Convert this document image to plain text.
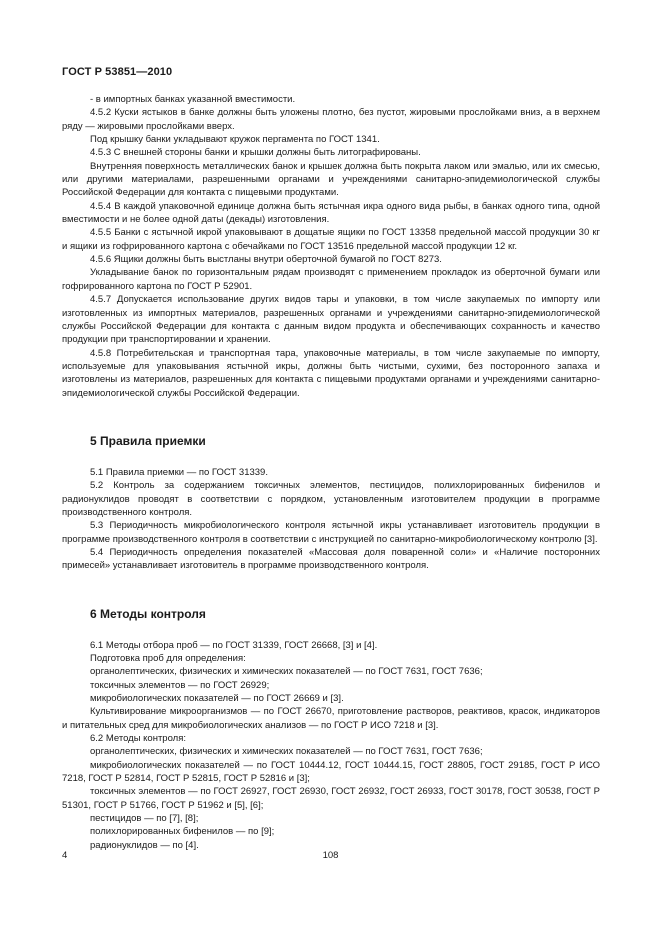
ГОСТ Р 53851—2010

- в импортных банках указанной вместимости.

4.5.2 Куски ястыков в банке должны быть уложены плотно, без пустот, жировыми прослойками вниз, а в верхнем ряду — жировыми прослойками вверх.

Под крышку банки укладывают кружок пергамента по ГОСТ 1341.

4.5.3 С внешней стороны банки и крышки должны быть литографированы.

Внутренняя поверхность металлических банок и крышек должна быть покрыта лаком или эмалью, или их смесью, или другими материалами, разрешенными органами и учреждениями санитарно-эпидемиологической службы Российской Федерации для контакта с пищевыми продуктами.

4.5.4 В каждой упаковочной единице должна быть ястычная икра одного вида рыбы, в банках одного типа, одной вместимости и не более одной даты (декады) изготовления.

4.5.5 Банки с ястычной икрой упаковывают в дощатые ящики по ГОСТ 13358 предельной массой продукции 30 кг и ящики из гофрированного картона с обечайками по ГОСТ 13516 предельной массой продукции 12 кг.

4.5.6 Ящики должны быть выстланы внутри оберточной бумагой по ГОСТ 8273.

Укладывание банок по горизонтальным рядам производят с применением прокладок из оберточной бумаги или гофрированного картона по ГОСТ Р 52901.

4.5.7 Допускается использование других видов тары и упаковки, в том числе закупаемых по импорту или изготовленных из импортных материалов, разрешенных органами и учреждениями санитарно-эпидемиологической службы Российской Федерации для контакта с данным видом продукта и обеспечивающих сохранность и качество продукции при транспортировании и хранении.

4.5.8 Потребительская и транспортная тара, упаковочные материалы, в том числе закупаемые по импорту, используемые для упаковывания ястычной икры, должны быть чистыми, сухими, без посторонного запаха и изготовлены из материалов, разрешенных для контакта с пищевыми продуктами органами и учреждениями санитарно-эпидемиологической службы Российской Федерации.

5 Правила приемки

5.1 Правила приемки — по ГОСТ 31339.

5.2 Контроль за содержанием токсичных элементов, пестицидов, полихлорированных бифенилов и радионуклидов проводят в соответствии с порядком, установленным изготовителем продукции в программе производственного контроля.

5.3 Периодичность микробиологического контроля ястычной икры устанавливает изготовитель продукции в программе производственного контроля в соответствии с инструкцией по санитарно-микробиологическому контролю [3].

5.4 Периодичность определения показателей «Массовая доля поваренной соли» и «Наличие посторонних примесей» устанавливает изготовитель в программе производственного контроля.

6 Методы контроля

6.1 Методы отбора проб — по ГОСТ 31339, ГОСТ 26668, [3] и [4].

Подготовка проб для определения:

органолептических, физических и химических показателей — по ГОСТ 7631, ГОСТ 7636;

токсичных элементов — по ГОСТ 26929;

микробиологических показателей — по ГОСТ 26669 и [3].

Культивирование микроорганизмов — по ГОСТ 26670, приготовление растворов, реактивов, красок, индикаторов и питательных сред для микробиологических анализов — по ГОСТ Р ИСО 7218 и [3].

6.2 Методы контроля:

органолептических, физических и химических показателей — по ГОСТ 7631, ГОСТ 7636;

микробиологических показателей — по ГОСТ 10444.12, ГОСТ 10444.15, ГОСТ 28805, ГОСТ 29185, ГОСТ Р ИСО 7218, ГОСТ Р 52814, ГОСТ Р 52815, ГОСТ Р 52816 и [3];

токсичных элементов — по ГОСТ 26927, ГОСТ 26930, ГОСТ 26932, ГОСТ 26933, ГОСТ 30178, ГОСТ 30538, ГОСТ Р 51301, ГОСТ Р 51766, ГОСТ Р 51962 и [5], [6];

пестицидов — по [7], [8];

полихлорированных бифенилов — по [9];

радионуклидов — по [4].

4	108
